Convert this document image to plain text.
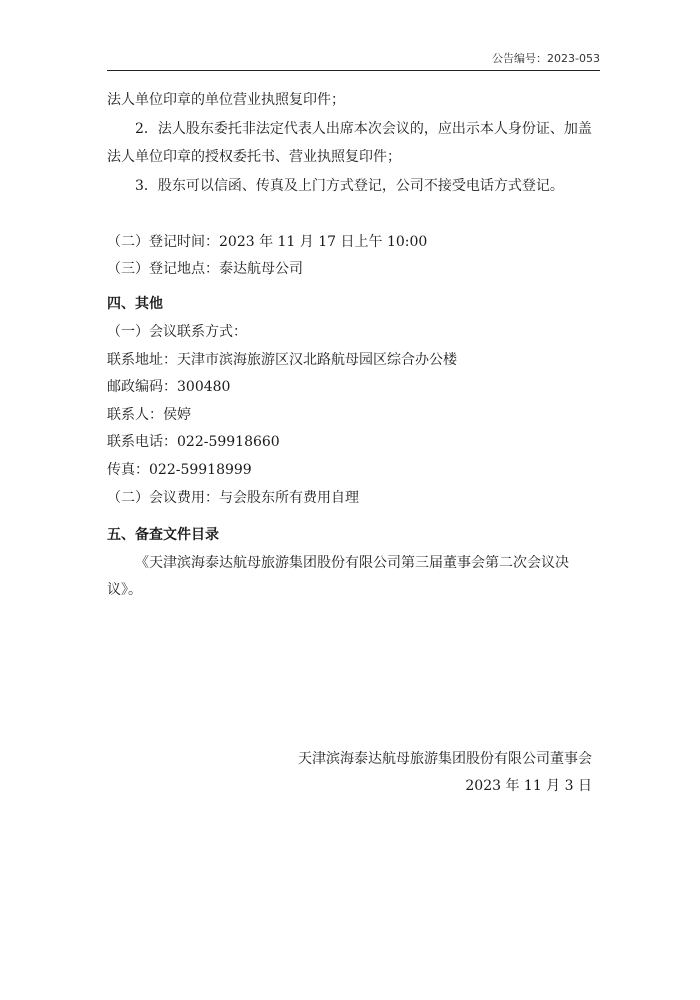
公告编号：2023-053
法人单位印章的单位营业执照复印件；
2．法人股东委托非法定代表人出席本次会议的，应出示本人身份证、加盖
法人单位印章的授权委托书、营业执照复印件；
3．股东可以信函、传真及上门方式登记，公司不接受电话方式登记。
（二）登记时间：2023 年 11 月 17 日上午 10:00
（三）登记地点：泰达航母公司
四、其他
（一）会议联系方式：
联系地址：天津市滨海旅游区汉北路航母园区综合办公楼
邮政编码：300480
联系人：侯婷
联系电话：022-59918660
传真：022-59918999
（二）会议费用：与会股东所有费用自理
五、备查文件目录
《天津滨海泰达航母旅游集团股份有限公司第三届董事会第二次会议决
议》。
天津滨海泰达航母旅游集团股份有限公司董事会
2023 年 11 月 3 日
